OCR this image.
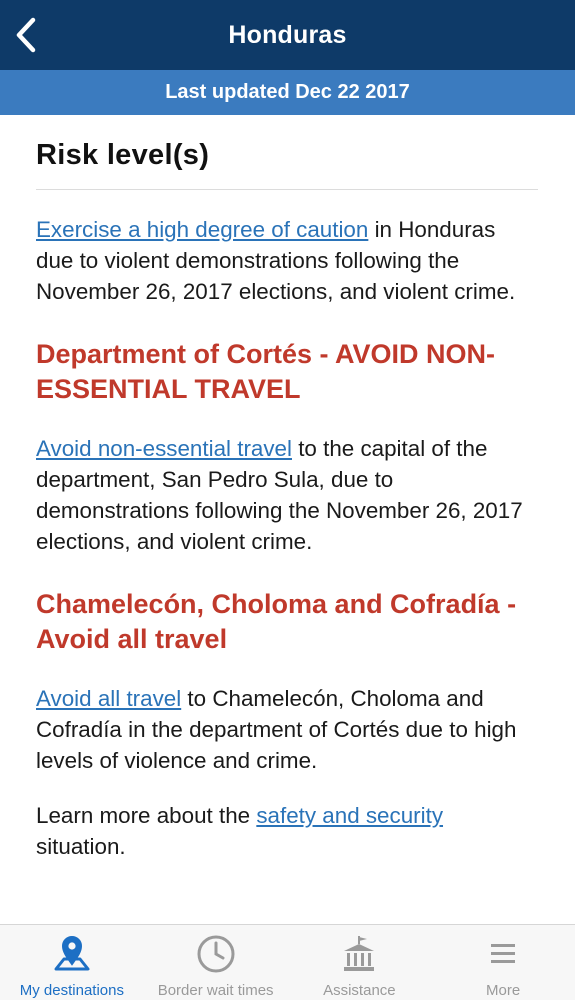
Honduras
Last updated Dec 22 2017
Risk level(s)

Exercise a high degree of caution in Honduras due to violent demonstrations following the November 26, 2017 elections, and violent crime.

Department of Cortés - AVOID NON-ESSENTIAL TRAVEL

Avoid non-essential travel to the capital of the department, San Pedro Sula, due to demonstrations following the November 26, 2017 elections, and violent crime.

Chamelecón, Choloma and Cofradía - Avoid all travel

Avoid all travel to Chamelecón, Choloma and Cofradía in the department of Cortés due to high levels of violence and crime.

Learn more about the safety and security situation.

My destinations Border wait times	Assistance	More
